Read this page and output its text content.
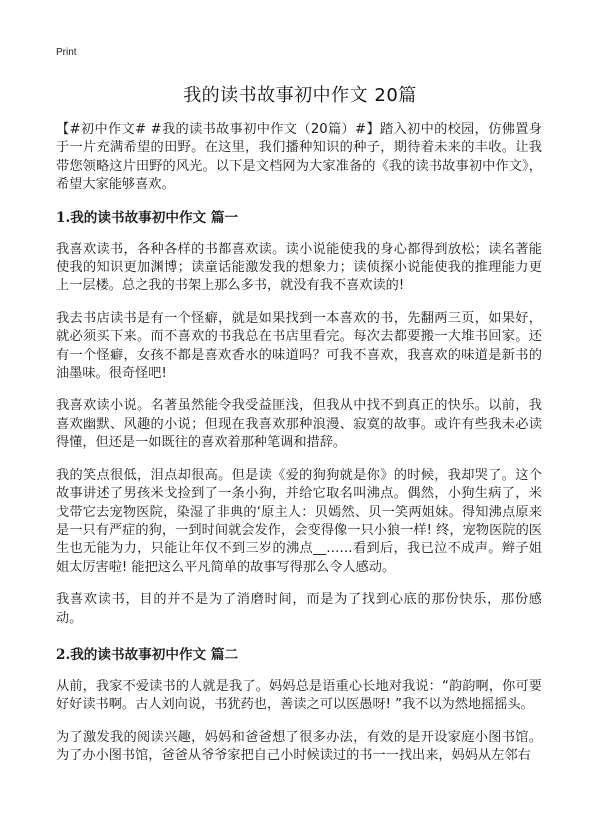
Print
我的读书故事初中作文 20篇

【#初中作文# #我的读书故事初中作文（20篇）#】踏入初中的校园，仿佛置身于一片充满希望的田野。在这里，我们播种知识的种子，期待着未来的丰收。让我带您领略这片田野的风光。以下是文档网为大家准备的《我的读书故事初中作文》，希望大家能够喜欢。

1.我的读书故事初中作文 篇一

我喜欢读书，各种各样的书都喜欢读。读小说能使我的身心都得到放松；读名著能使我的知识更加渊博；读童话能激发我的想象力；读侦探小说能使我的推理能力更上一层楼。总之我的书架上那么多书，就没有我不喜欢读的!

我去书店读书是有一个怪癖，就是如果找到一本喜欢的书，先翻两三页，如果好，就必须买下来。而不喜欢的书我总在书店里看完。每次去都要搬一大堆书回家。还有一个怪癖，女孩不都是喜欢香水的味道吗？可我不喜欢，我喜欢的味道是新书的油墨味。很奇怪吧!

我喜欢读小说。名著虽然能令我受益匪浅，但我从中找不到真正的快乐。以前，我喜欢幽默、风趣的小说；但现在我喜欢那种浪漫、寂寞的故事。或许有些我未必读得懂，但还是一如既往的喜欢着那种笔调和措辞。

我的笑点很低，泪点却很高。但是读《爱的狗狗就是你》的时候，我却哭了。这个故事讲述了男孩米戈捡到了一条小狗，并给它取名叫沸点。偶然，小狗生病了，米戈带它去宠物医院，染湿了非典的‘原主人：贝嫣然、贝一笑两姐妹。得知沸点原来是一只有严症的狗，一到时间就会发作，会变得像一只小狼一样! 终，宠物医院的医生也无能为力，只能让年仅不到三岁的沸点__……看到后，我已泣不成声。辫子姐姐太厉害啦! 能把这么平凡简单的故事写得那么令人感动。

我喜欢读书，目的并不是为了消磨时间，而是为了找到心底的那份快乐，那份感动。

2.我的读书故事初中作文 篇二

从前，我家不爱读书的人就是我了。妈妈总是语重心长地对我说：“韵韵啊，你可要好好读书啊。古人刘向说，书犹药也，善读之可以医愚呀! ”我不以为然地摇摇头。

为了激发我的阅读兴趣，妈妈和爸爸想了很多办法，有效的是开设家庭小图书馆。为了办小图书馆，爸爸从爷爷家把自己小时候读过的书一一找出来，妈妈从左邻右
